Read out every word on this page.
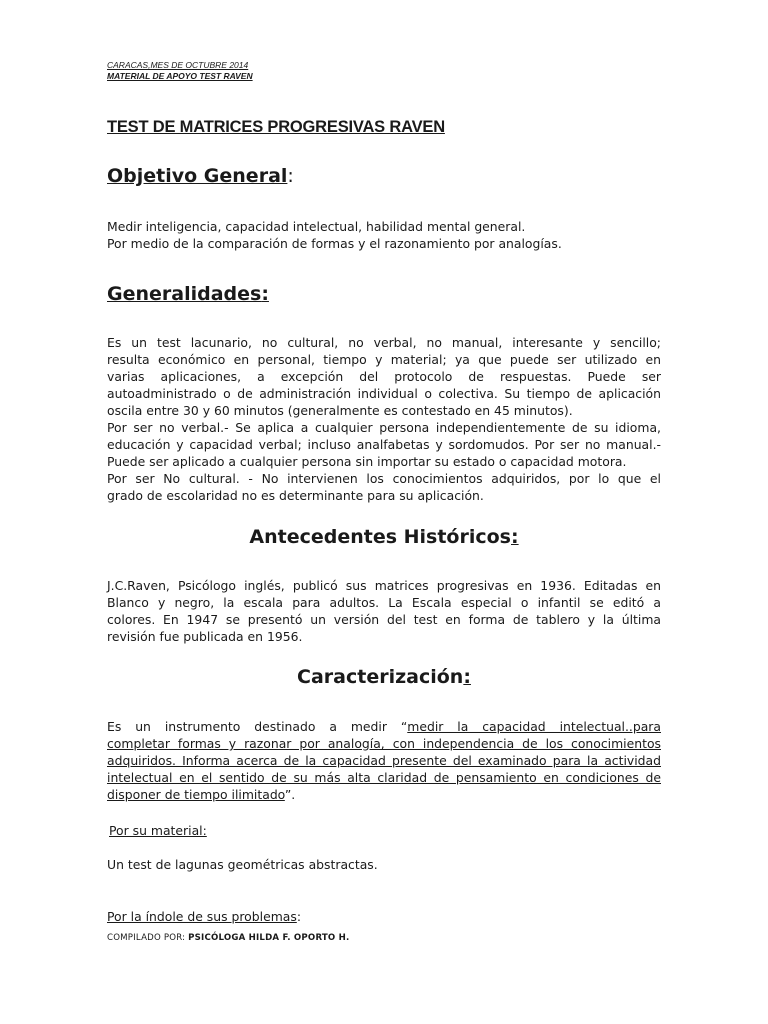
CARACAS,MES DE OCTUBRE 2014
MATERIAL DE APOYO TEST RAVEN
TEST DE MATRICES PROGRESIVAS RAVEN
Objetivo General:
Medir inteligencia, capacidad intelectual, habilidad mental general.
Por medio de la comparación de formas y el razonamiento por analogías.
Generalidades:
Es un test lacunario, no cultural, no verbal, no manual, interesante y sencillo;
resulta económico en personal, tiempo y material; ya que puede ser utilizado en
varias aplicaciones, a excepción del protocolo de respuestas. Puede ser
autoadministrado o de administración individual o colectiva. Su tiempo de aplicación
oscila entre 30 y 60 minutos (generalmente es contestado en 45 minutos).
Por ser no verbal.- Se aplica a cualquier persona independientemente de su idioma,
educación y capacidad verbal; incluso analfabetas y sordomudos. Por ser no manual.-
Puede ser aplicado a cualquier persona sin importar su estado o capacidad motora.
Por ser No cultural. - No intervienen los conocimientos adquiridos, por lo que el
grado de escolaridad no es determinante para su aplicación.
Antecedentes Históricos:
J.C.Raven, Psicólogo inglés, publicó sus matrices progresivas en 1936. Editadas en
Blanco y negro, la escala para adultos. La Escala especial o infantil se editó a
colores. En 1947 se presentó un versión del test en forma de tablero y la última
revisión fue publicada en 1956.
Caracterización:
Es un instrumento destinado a medir “medir la capacidad intelectual..para
completar formas y razonar por analogía, con independencia de los conocimientos
adquiridos. Informa acerca de la capacidad presente del examinado para la actividad
intelectual en el sentido de su más alta claridad de pensamiento en condiciones de
disponer de tiempo ilimitado”.
Por su material:
Un test de lagunas geométricas abstractas.
Por la índole de sus problemas:
COMPILADO POR: PSICÓLOGA HILDA F. OPORTO H.
